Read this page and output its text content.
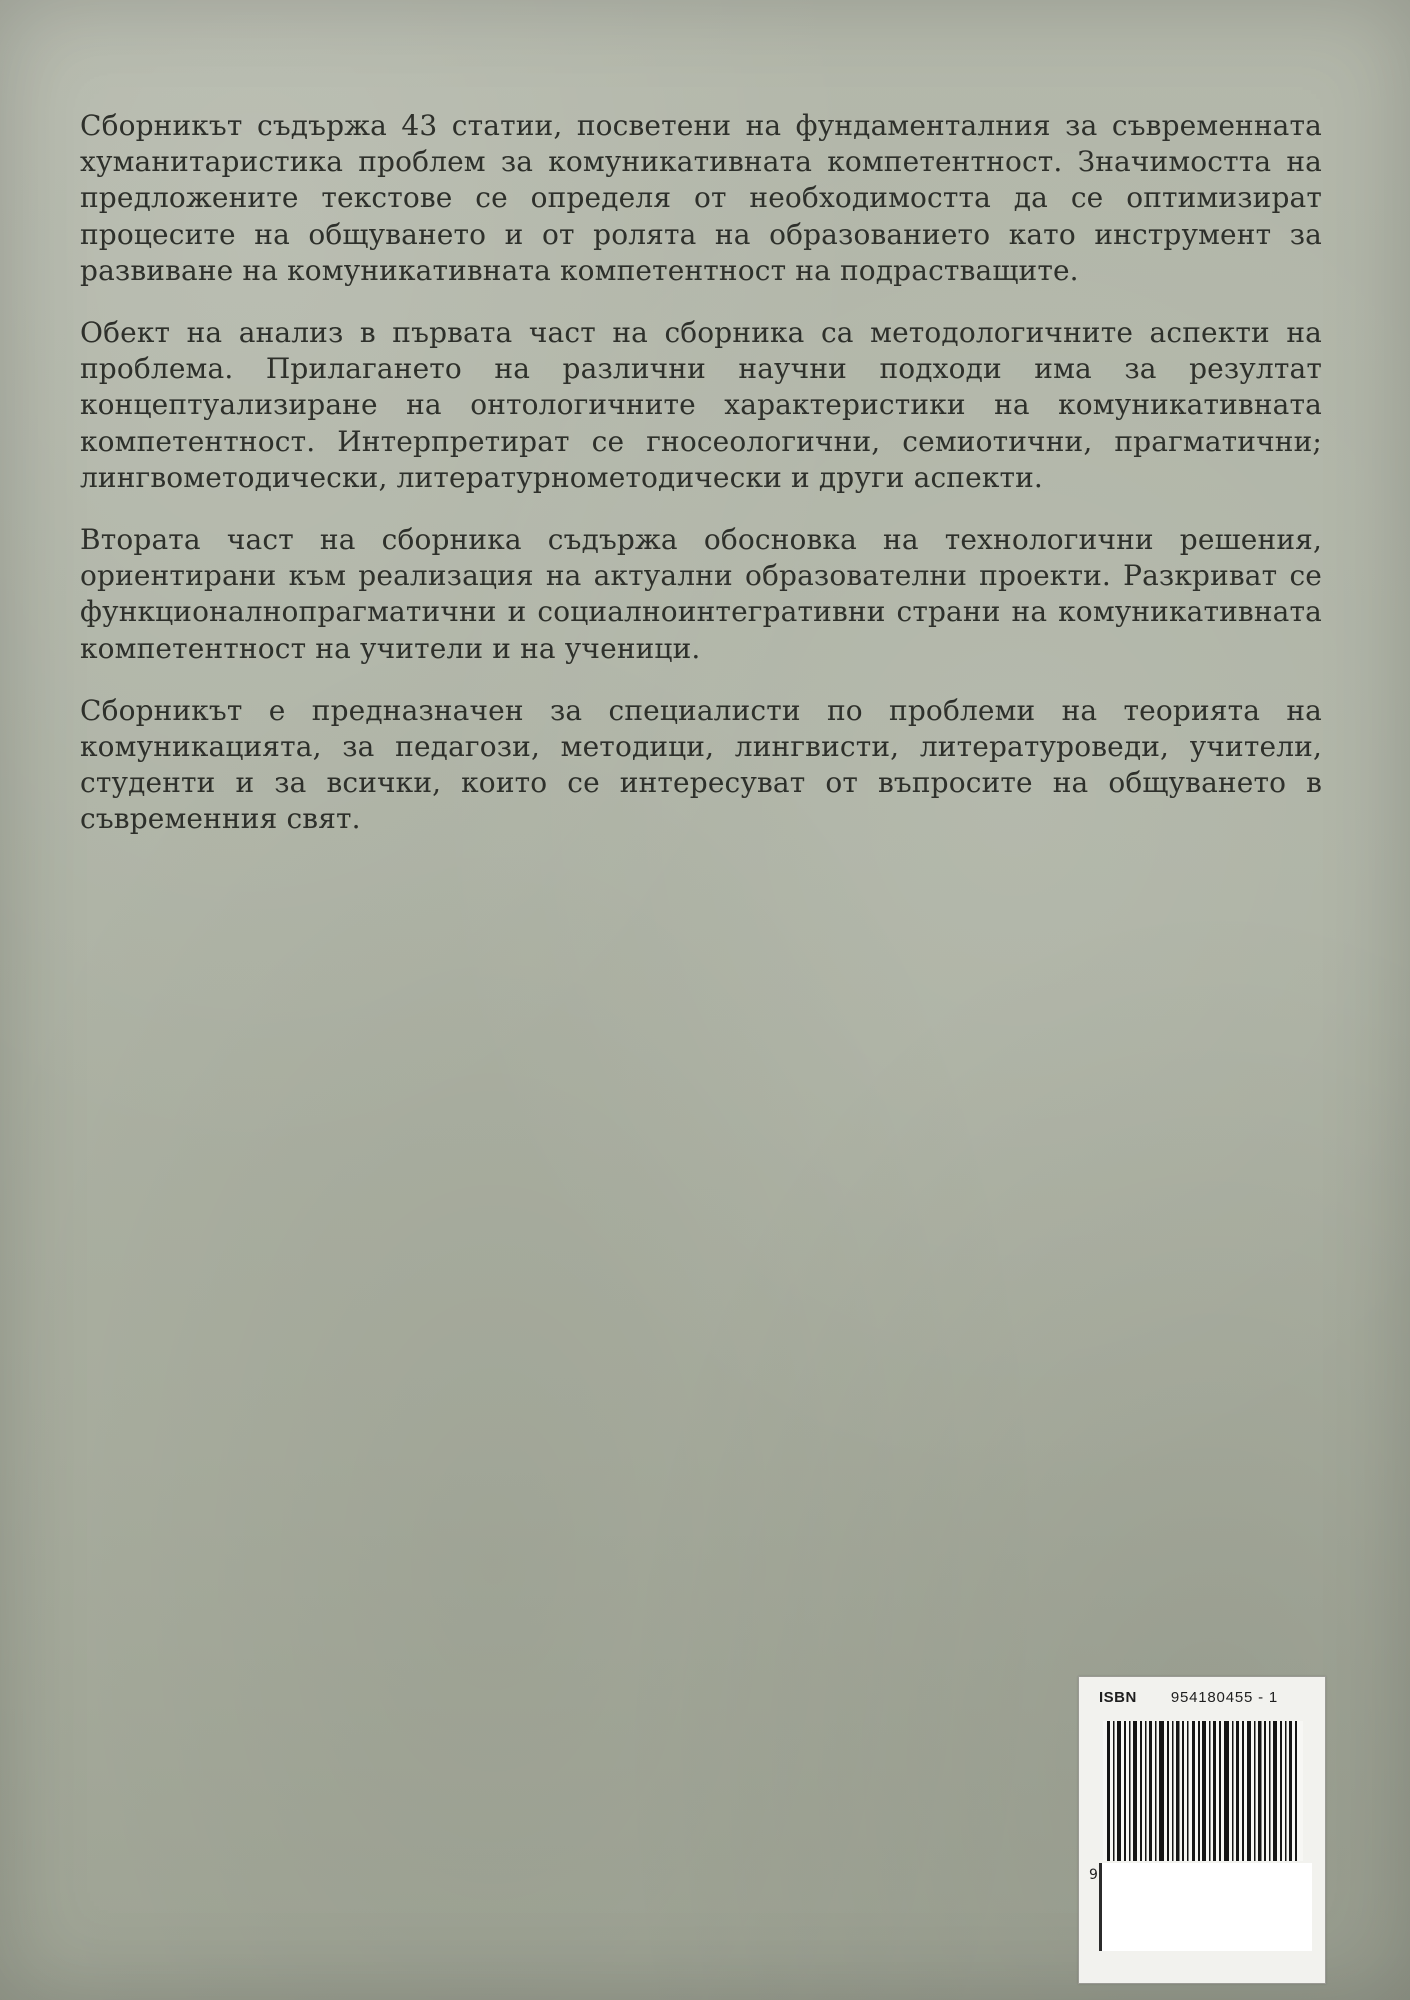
Сборникът съдържа 43 статии, посветени на фундаменталния за съвременната хуманитаристика проблем за комуникативната компетентност. Значимостта на предложените текстове се определя от необходимостта да се оптимизират процесите на общуването и от ролята на образованието като инструмент за развиване на комуникативната компетентност на подрастващите.

Обект на анализ в първата част на сборника са методологичните аспекти на проблема. Прилагането на различни научни подходи има за резултат концептуализиране на онтологичните характеристики на комуникативната компетентност. Интерпретират се гносеологични, семиотични, прагматични; лингвометодически, литературнометодически и други аспекти.

Втората част на сборника съдържа обосновка на технологични решения, ориентирани към реализация на актуални образователни проекти. Разкриват се функционалнопрагматични и социалноинтегративни страни на комуникативната компетентност на учители и на ученици.

Сборникът е предназначен за специалисти по проблеми на теорията на комуникацията, за педагози, методици, лингвисти, литературоведи, учители, студенти и за всички, които се интересуват от въпросите на общуването в съвременния свят.

ISBN 954180455 - 1
9
